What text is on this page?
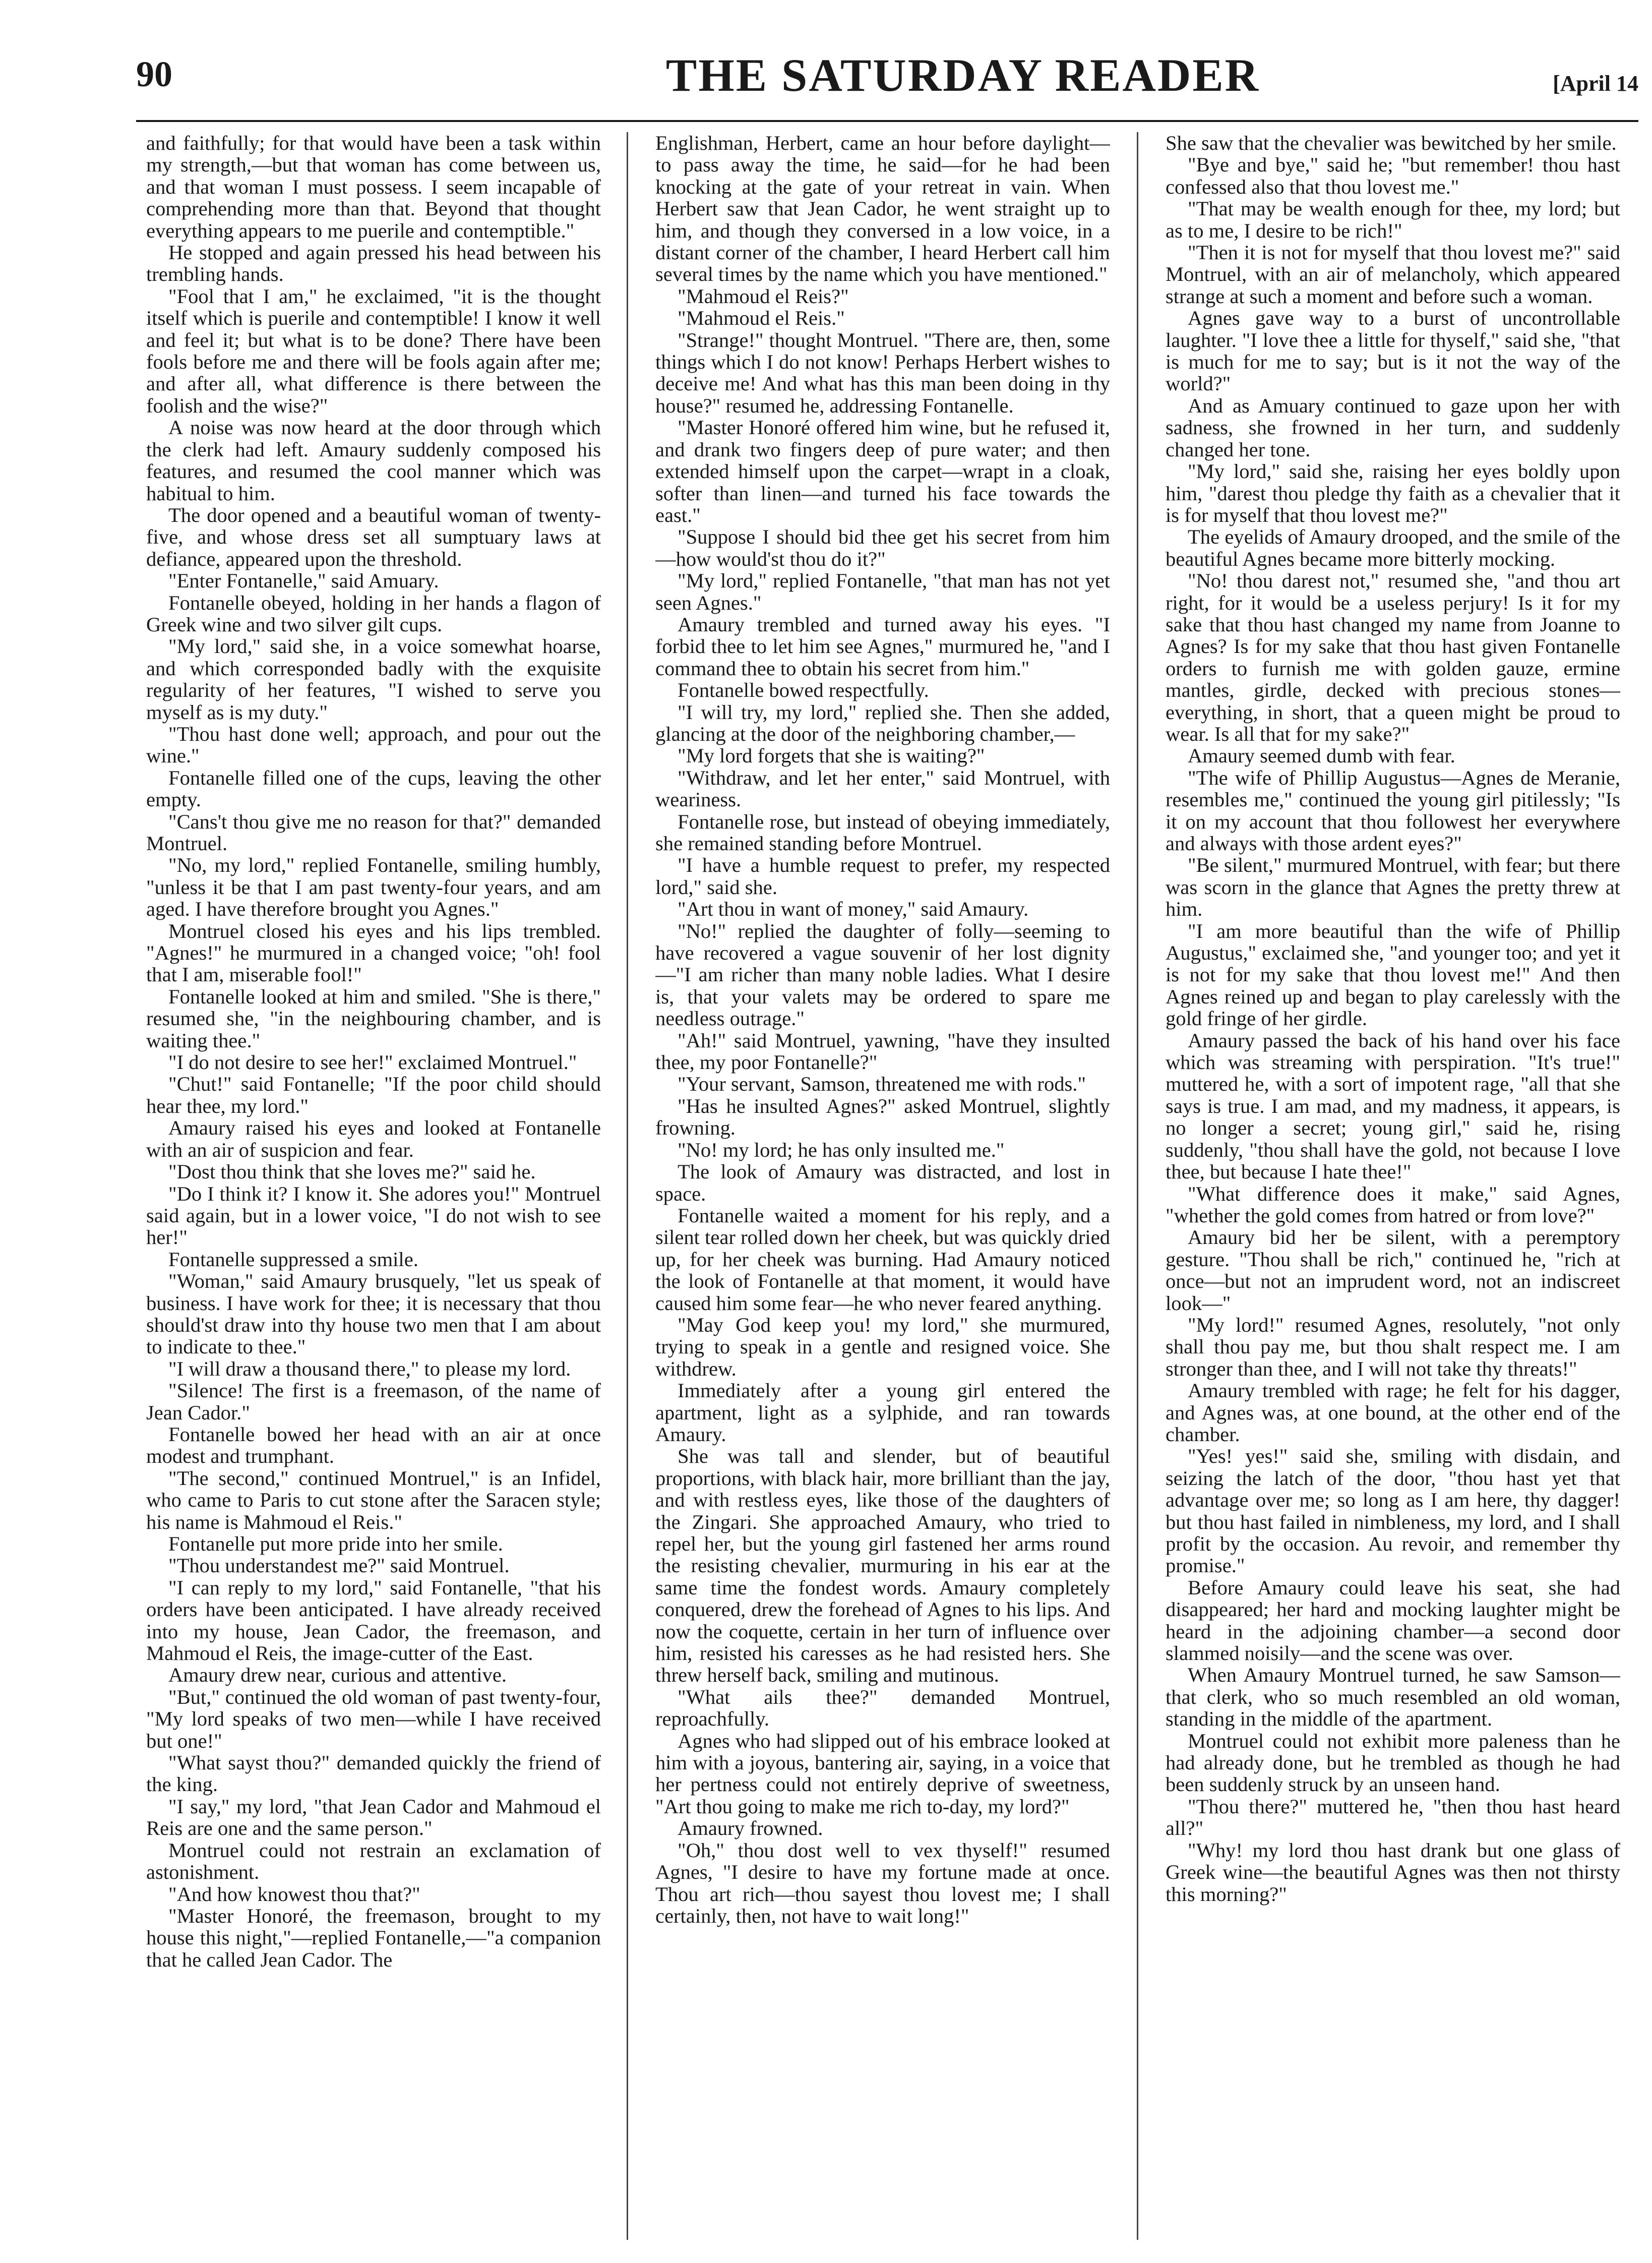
90	THE SATURDAY READER	[April 14

and faithfully; for that would have been a task within my strength,—but that woman has come between us, and that woman I must possess. I seem incapable of comprehending more than that. Beyond that thought everything appears to me puerile and contemptible."

He stopped and again pressed his head between his trembling hands.

"Fool that I am," he exclaimed, "it is the thought itself which is puerile and contemptible! I know it well and feel it; but what is to be done? There have been fools before me and there will be fools again after me; and after all, what difference is there between the foolish and the wise?"

A noise was now heard at the door through which the clerk had left. Amaury suddenly composed his features, and resumed the cool manner which was habitual to him.

The door opened and a beautiful woman of twenty-five, and whose dress set all sumptuary laws at defiance, appeared upon the threshold.

"Enter Fontanelle," said Amuary.

Fontanelle obeyed, holding in her hands a flagon of Greek wine and two silver gilt cups.

"My lord," said she, in a voice somewhat hoarse, and which corresponded badly with the exquisite regularity of her features, "I wished to serve you myself as is my duty."

"Thou hast done well; approach, and pour out the wine."

Fontanelle filled one of the cups, leaving the other empty.

"Cans't thou give me no reason for that?" demanded Montruel.

"No, my lord," replied Fontanelle, smiling humbly, "unless it be that I am past twenty-four years, and am aged. I have therefore brought you Agnes."

Montruel closed his eyes and his lips trembled. "Agnes!" he murmured in a changed voice; "oh! fool that I am, miserable fool!"

Fontanelle looked at him and smiled. "She is there," resumed she, "in the neighbouring chamber, and is waiting thee."

"I do not desire to see her!" exclaimed Montruel."

"Chut!" said Fontanelle; "If the poor child should hear thee, my lord."

Amaury raised his eyes and looked at Fontanelle with an air of suspicion and fear.

"Dost thou think that she loves me?" said he.

"Do I think it? I know it. She adores you!" Montruel said again, but in a lower voice, "I do not wish to see her!"

Fontanelle suppressed a smile.

"Woman," said Amaury brusquely, "let us speak of business. I have work for thee; it is necessary that thou should'st draw into thy house two men that I am about to indicate to thee."

"I will draw a thousand there," to please my lord.

"Silence! The first is a freemason, of the name of Jean Cador."

Fontanelle bowed her head with an air at once modest and trumphant.

"The second," continued Montruel," is an Infidel, who came to Paris to cut stone after the Saracen style; his name is Mahmoud el Reis."

Fontanelle put more pride into her smile.

"Thou understandest me?" said Montruel.

"I can reply to my lord," said Fontanelle, "that his orders have been anticipated. I have already received into my house, Jean Cador, the freemason, and Mahmoud el Reis, the image-cutter of the East.

Amaury drew near, curious and attentive.

"But," continued the old woman of past twenty-four, "My lord speaks of two men—while I have received but one!"

"What sayst thou?" demanded quickly the friend of the king.

"I say," my lord, "that Jean Cador and Mahmoud el Reis are one and the same person."

Montruel could not restrain an exclamation of astonishment.

"And how knowest thou that?"

"Master Honoré, the freemason, brought to my house this night,"—replied Fontanelle,—"a companion that he called Jean Cador. The

Englishman, Herbert, came an hour before daylight—to pass away the time, he said—for he had been knocking at the gate of your retreat in vain. When Herbert saw that Jean Cador, he went straight up to him, and though they conversed in a low voice, in a distant corner of the chamber, I heard Herbert call him several times by the name which you have mentioned."

"Mahmoud el Reis?"

"Mahmoud el Reis."

"Strange!" thought Montruel. "There are, then, some things which I do not know! Perhaps Herbert wishes to deceive me! And what has this man been doing in thy house?" resumed he, addressing Fontanelle.

"Master Honoré offered him wine, but he refused it, and drank two fingers deep of pure water; and then extended himself upon the carpet—wrapt in a cloak, softer than linen—and turned his face towards the east."

"Suppose I should bid thee get his secret from him—how would'st thou do it?"

"My lord," replied Fontanelle, "that man has not yet seen Agnes."

Amaury trembled and turned away his eyes. "I forbid thee to let him see Agnes," murmured he, "and I command thee to obtain his secret from him."

Fontanelle bowed respectfully.

"I will try, my lord," replied she. Then she added, glancing at the door of the neighboring chamber,—

"My lord forgets that she is waiting?"

"Withdraw, and let her enter," said Montruel, with weariness.

Fontanelle rose, but instead of obeying immediately, she remained standing before Montruel.

"I have a humble request to prefer, my respected lord," said she.

"Art thou in want of money," said Amaury.

"No!" replied the daughter of folly—seeming to have recovered a vague souvenir of her lost dignity—"I am richer than many noble ladies. What I desire is, that your valets may be ordered to spare me needless outrage."

"Ah!" said Montruel, yawning, "have they insulted thee, my poor Fontanelle?"

"Your servant, Samson, threatened me with rods."

"Has he insulted Agnes?" asked Montruel, slightly frowning.

"No! my lord; he has only insulted me."

The look of Amaury was distracted, and lost in space.

Fontanelle waited a moment for his reply, and a silent tear rolled down her cheek, but was quickly dried up, for her cheek was burning. Had Amaury noticed the look of Fontanelle at that moment, it would have caused him some fear—he who never feared anything.

"May God keep you! my lord," she murmured, trying to speak in a gentle and resigned voice. She withdrew.

Immediately after a young girl entered the apartment, light as a sylphide, and ran towards Amaury.

She was tall and slender, but of beautiful proportions, with black hair, more brilliant than the jay, and with restless eyes, like those of the daughters of the Zingari. She approached Amaury, who tried to repel her, but the young girl fastened her arms round the resisting chevalier, murmuring in his ear at the same time the fondest words. Amaury completely conquered, drew the forehead of Agnes to his lips. And now the coquette, certain in her turn of influence over him, resisted his caresses as he had resisted hers. She threw herself back, smiling and mutinous.

"What ails thee?" demanded Montruel, reproachfully.

Agnes who had slipped out of his embrace looked at him with a joyous, bantering air, saying, in a voice that her pertness could not entirely deprive of sweetness, "Art thou going to make me rich to-day, my lord?"

Amaury frowned.

"Oh," thou dost well to vex thyself!" resumed Agnes, "I desire to have my fortune made at once. Thou art rich—thou sayest thou lovest me; I shall certainly, then, not have to wait long!"

She saw that the chevalier was bewitched by her smile.

"Bye and bye," said he; "but remember! thou hast confessed also that thou lovest me."

"That may be wealth enough for thee, my lord; but as to me, I desire to be rich!"

"Then it is not for myself that thou lovest me?" said Montruel, with an air of melancholy, which appeared strange at such a moment and before such a woman.

Agnes gave way to a burst of uncontrollable laughter. "I love thee a little for thyself," said she, "that is much for me to say; but is it not the way of the world?"

And as Amuary continued to gaze upon her with sadness, she frowned in her turn, and suddenly changed her tone.

"My lord," said she, raising her eyes boldly upon him, "darest thou pledge thy faith as a chevalier that it is for myself that thou lovest me?"

The eyelids of Amaury drooped, and the smile of the beautiful Agnes became more bitterly mocking.

"No! thou darest not," resumed she, "and thou art right, for it would be a useless perjury! Is it for my sake that thou hast changed my name from Joanne to Agnes? Is for my sake that thou hast given Fontanelle orders to furnish me with golden gauze, ermine mantles, girdle, decked with precious stones—everything, in short, that a queen might be proud to wear. Is all that for my sake?"

Amaury seemed dumb with fear.

"The wife of Phillip Augustus—Agnes de Meranie, resembles me," continued the young girl pitilessly; "Is it on my account that thou followest her everywhere and always with those ardent eyes?"

"Be silent," murmured Montruel, with fear; but there was scorn in the glance that Agnes the pretty threw at him.

"I am more beautiful than the wife of Phillip Augustus," exclaimed she, "and younger too; and yet it is not for my sake that thou lovest me!" And then Agnes reined up and began to play carelessly with the gold fringe of her girdle.

Amaury passed the back of his hand over his face which was streaming with perspiration. "It's true!" muttered he, with a sort of impotent rage, "all that she says is true. I am mad, and my madness, it appears, is no longer a secret; young girl," said he, rising suddenly, "thou shall have the gold, not because I love thee, but because I hate thee!"

"What difference does it make," said Agnes, "whether the gold comes from hatred or from love?"

Amaury bid her be silent, with a peremptory gesture. "Thou shall be rich," continued he, "rich at once—but not an imprudent word, not an indiscreet look—"

"My lord!" resumed Agnes, resolutely, "not only shall thou pay me, but thou shalt respect me. I am stronger than thee, and I will not take thy threats!"

Amaury trembled with rage; he felt for his dagger, and Agnes was, at one bound, at the other end of the chamber.

"Yes! yes!" said she, smiling with disdain, and seizing the latch of the door, "thou hast yet that advantage over me; so long as I am here, thy dagger! but thou hast failed in nimbleness, my lord, and I shall profit by the occasion. Au revoir, and remember thy promise."

Before Amaury could leave his seat, she had disappeared; her hard and mocking laughter might be heard in the adjoining chamber—a second door slammed noisily—and the scene was over.

When Amaury Montruel turned, he saw Samson—that clerk, who so much resembled an old woman, standing in the middle of the apartment.

Montruel could not exhibit more paleness than he had already done, but he trembled as though he had been suddenly struck by an unseen hand.

"Thou there?" muttered he, "then thou hast heard all?"

"Why! my lord thou hast drank but one glass of Greek wine—the beautiful Agnes was then not thirsty this morning?"
